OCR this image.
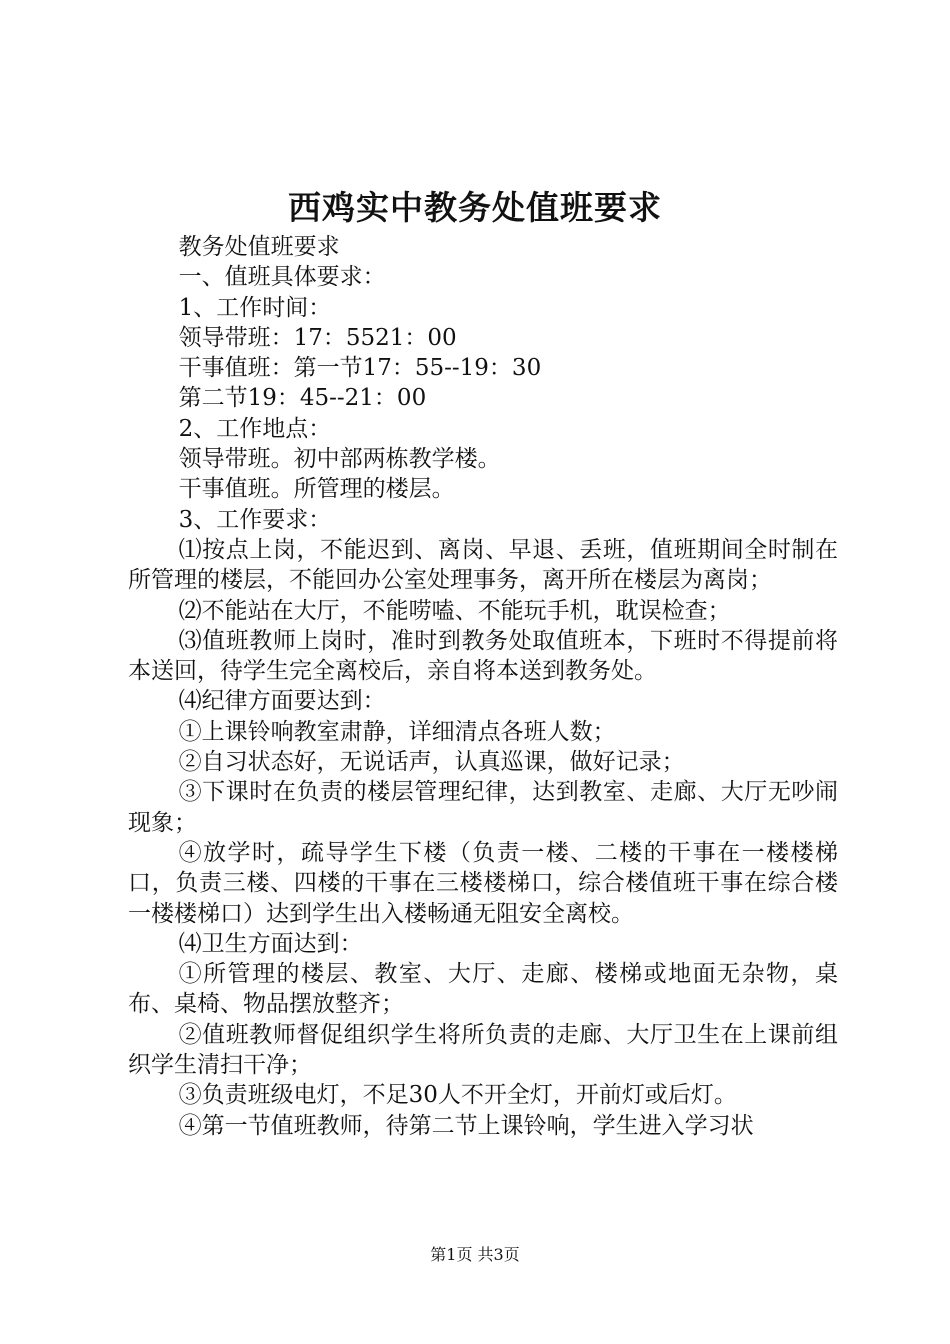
西鸡实中教务处值班要求

教务处值班要求

一、值班具体要求：

1、工作时间：

领导带班：17：5521：00

干事值班：第一节17：55--19：30

第二节19：45--21：00

2、工作地点：

领导带班。初中部两栋教学楼。

干事值班。所管理的楼层。

3、工作要求：

⑴按点上岗，不能迟到、离岗、早退、丢班，值班期间全时制在所管理的楼层，不能回办公室处理事务，离开所在楼层为离岗；

⑵不能站在大厅，不能唠嗑、不能玩手机，耽误检查；

⑶值班教师上岗时，准时到教务处取值班本，下班时不得提前将本送回，待学生完全离校后，亲自将本送到教务处。

⑷纪律方面要达到：

①上课铃响教室肃静，详细清点各班人数；

②自习状态好，无说话声，认真巡课，做好记录；

③下课时在负责的楼层管理纪律，达到教室、走廊、大厅无吵闹现象；

④放学时，疏导学生下楼（负责一楼、二楼的干事在一楼楼梯口，负责三楼、四楼的干事在三楼楼梯口，综合楼值班干事在综合楼一楼楼梯口）达到学生出入楼畅通无阻安全离校。

⑷卫生方面达到：

①所管理的楼层、教室、大厅、走廊、楼梯或地面无杂物，桌布、桌椅、物品摆放整齐；

②值班教师督促组织学生将所负责的走廊、大厅卫生在上课前组织学生清扫干净；

③负责班级电灯，不足30人不开全灯，开前灯或后灯。

④第一节值班教师，待第二节上课铃响，学生进入学习状

第1页 共3页
